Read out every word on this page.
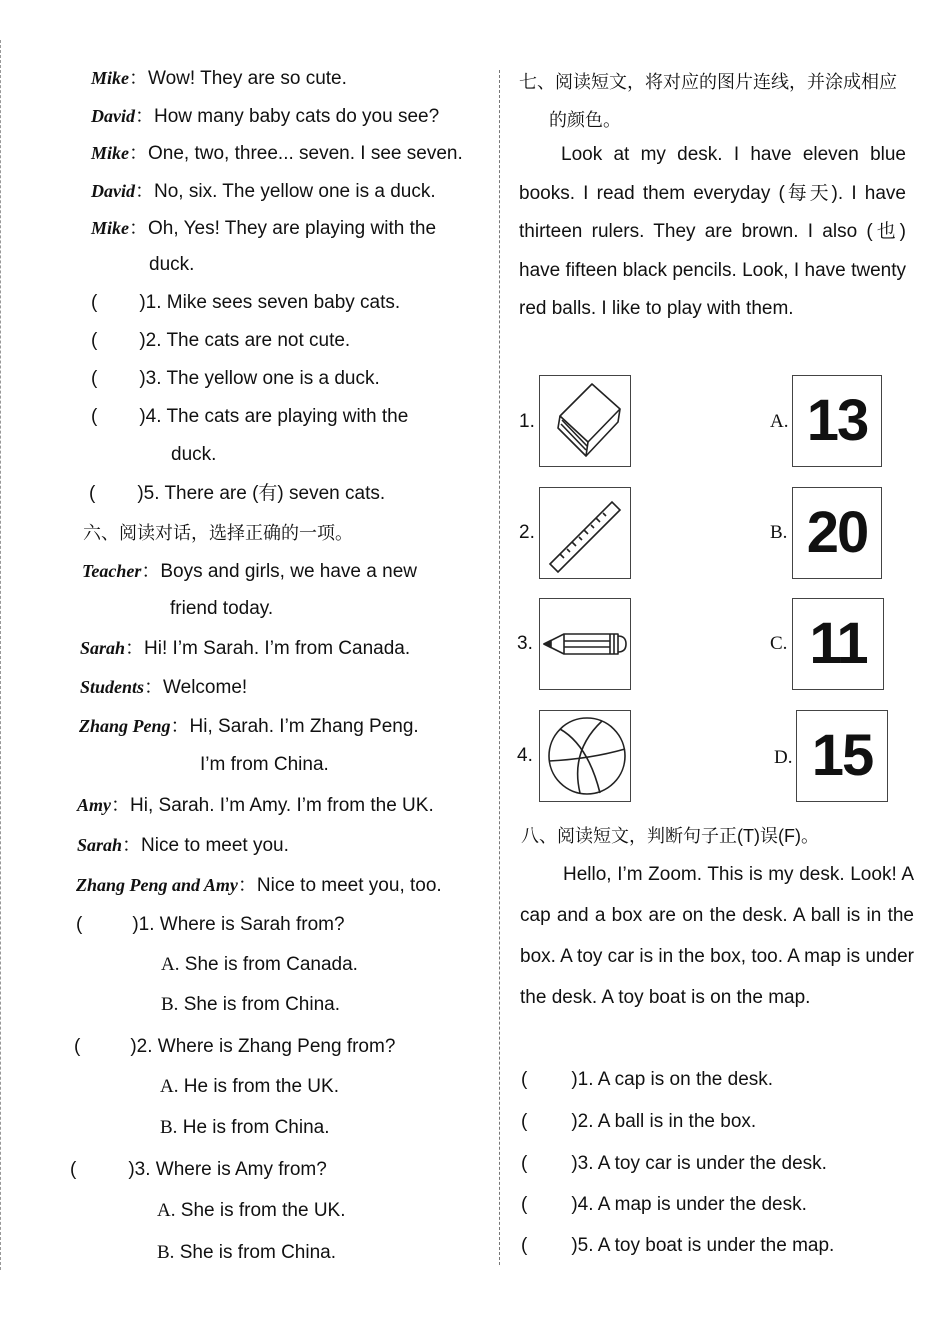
Mike：Wow! They are so cute.
David：How many baby cats do you see?
Mike：One, two, three... seven. I see seven.
David：No, six. The yellow one is a duck.
Mike：Oh, Yes! They are playing with the
duck.
( )1. Mike sees seven baby cats.
( )2. The cats are not cute.
( )3. The yellow one is a duck.
( )4. The cats are playing with the
duck.
( )5. There are (有) seven cats.
六、阅读对话，选择正确的一项。
Teacher：Boys and girls, we have a new
friend today.
Sarah：Hi! I’m Sarah. I’m from Canada.
Students：Welcome!
Zhang Peng：Hi, Sarah. I’m Zhang Peng.
I’m from China.
Amy：Hi, Sarah. I’m Amy. I’m from the UK.
Sarah：Nice to meet you.
Zhang Peng and Amy：Nice to meet you, too.
(	)1. Where is Sarah from?
A. She is from Canada.
B. She is from China.
(	)2. Where is Zhang Peng from?
A. He is from the UK.
B. He is from China.
(	)3. Where is Amy from?
A. She is from the UK.
B. She is from China.
七、阅读短文，将对应的图片连线，并涂成相应
的颜色。
Look at my desk. I have eleven blue books. I read them everyday (每天). I have thirteen rulers. They are brown. I also (也) have fifteen black pencils. Look, I have twenty red balls. I like to play with them.
1.	A. 13
2.	B. 20
3.	C. 11
4.	D. 15
八、阅读短文，判断句子正(T)误(F)。
Hello, I’m Zoom. This is my desk. Look! A cap and a box are on the desk. A ball is in the box. A toy car is in the box, too. A map is under the desk. A toy boat is on the map.
( )1. A cap is on the desk.
( )2. A ball is in the box.
( )3. A toy car is under the desk.
( )4. A map is under the desk.
( )5. A toy boat is under the map.
